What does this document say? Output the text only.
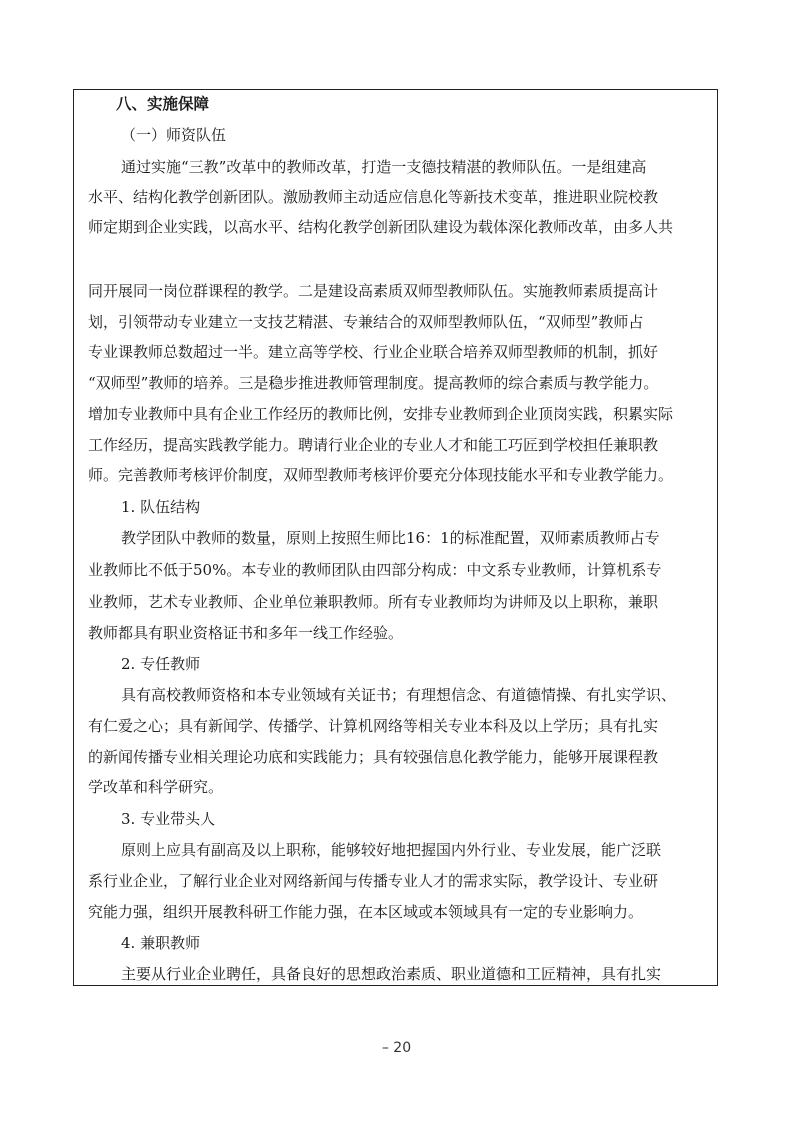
八、实施保障
（一）师资队伍
通过实施“三教”改革中的教师改革，打造一支德技精湛的教师队伍。一是组建高
水平、结构化教学创新团队。激励教师主动适应信息化等新技术变革，推进职业院校教
师定期到企业实践，以高水平、结构化教学创新团队建设为载体深化教师改革，由多人共
同开展同一岗位群课程的教学。二是建设高素质双师型教师队伍。实施教师素质提高计
划，引领带动专业建立一支技艺精湛、专兼结合的双师型教师队伍，“双师型”教师占
专业课教师总数超过一半。建立高等学校、行业企业联合培养双师型教师的机制，抓好
“双师型”教师的培养。三是稳步推进教师管理制度。提高教师的综合素质与教学能力。
增加专业教师中具有企业工作经历的教师比例，安排专业教师到企业顶岗实践，积累实际
工作经历，提高实践教学能力。聘请行业企业的专业人才和能工巧匠到学校担任兼职教
师。完善教师考核评价制度，双师型教师考核评价要充分体现技能水平和专业教学能力。
1. 队伍结构
教学团队中教师的数量，原则上按照生师比16：1的标准配置，双师素质教师占专
业教师比不低于50%。本专业的教师团队由四部分构成：中文系专业教师，计算机系专
业教师，艺术专业教师、企业单位兼职教师。所有专业教师均为讲师及以上职称，兼职
教师都具有职业资格证书和多年一线工作经验。
2. 专任教师
具有高校教师资格和本专业领域有关证书；有理想信念、有道德情操、有扎实学识、
有仁爱之心；具有新闻学、传播学、计算机网络等相关专业本科及以上学历；具有扎实
的新闻传播专业相关理论功底和实践能力；具有较强信息化教学能力，能够开展课程教
学改革和科学研究。
3. 专业带头人
原则上应具有副高及以上职称，能够较好地把握国内外行业、专业发展，能广泛联
系行业企业，了解行业企业对网络新闻与传播专业人才的需求实际，教学设计、专业研
究能力强，组织开展教科研工作能力强，在本区域或本领域具有一定的专业影响力。
4. 兼职教师
主要从行业企业聘任，具备良好的思想政治素质、职业道德和工匠精神，具有扎实
– 20
